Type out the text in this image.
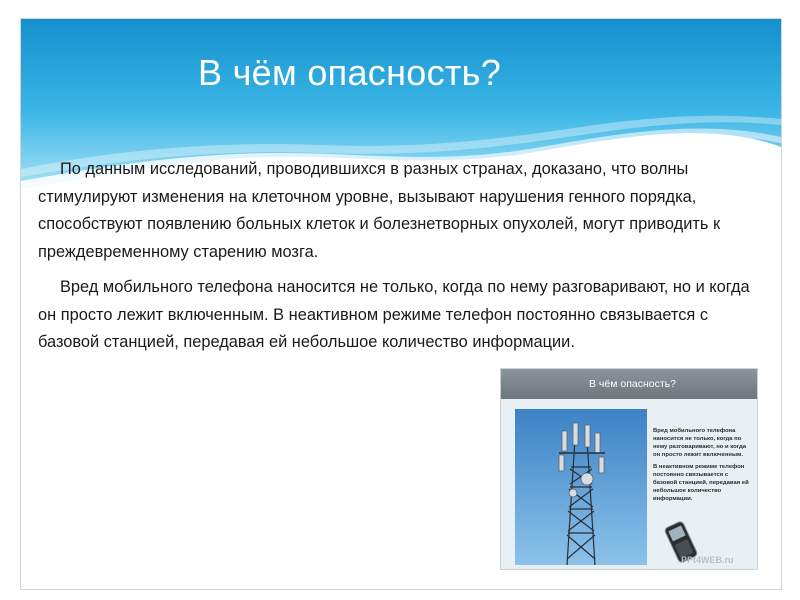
В чём опасность?

По данным исследований, проводившихся в разных странах, доказано, что волны стимулируют изменения на клеточном уровне, вызывают нарушения генного порядка, способствуют появлению больных клеток и болезнетворных опухолей, могут приводить к преждевременному старению мозга.

Вред мобильного телефона наносится не только, когда по нему разговаривают, но и когда он просто лежит включенным. В неактивном режиме телефон постоянно связывается с базовой станцией, передавая ей небольшое количество информации.

В чём опасность?

Вред мобильного телефона наносится не только, когда по нему разговаривают, но и когда он просто лежит включенным.

В неактивном режиме телефон постоянно связывается с базовой станцией, передавая ей небольшое количество информации.

PPt4WEB.ru
